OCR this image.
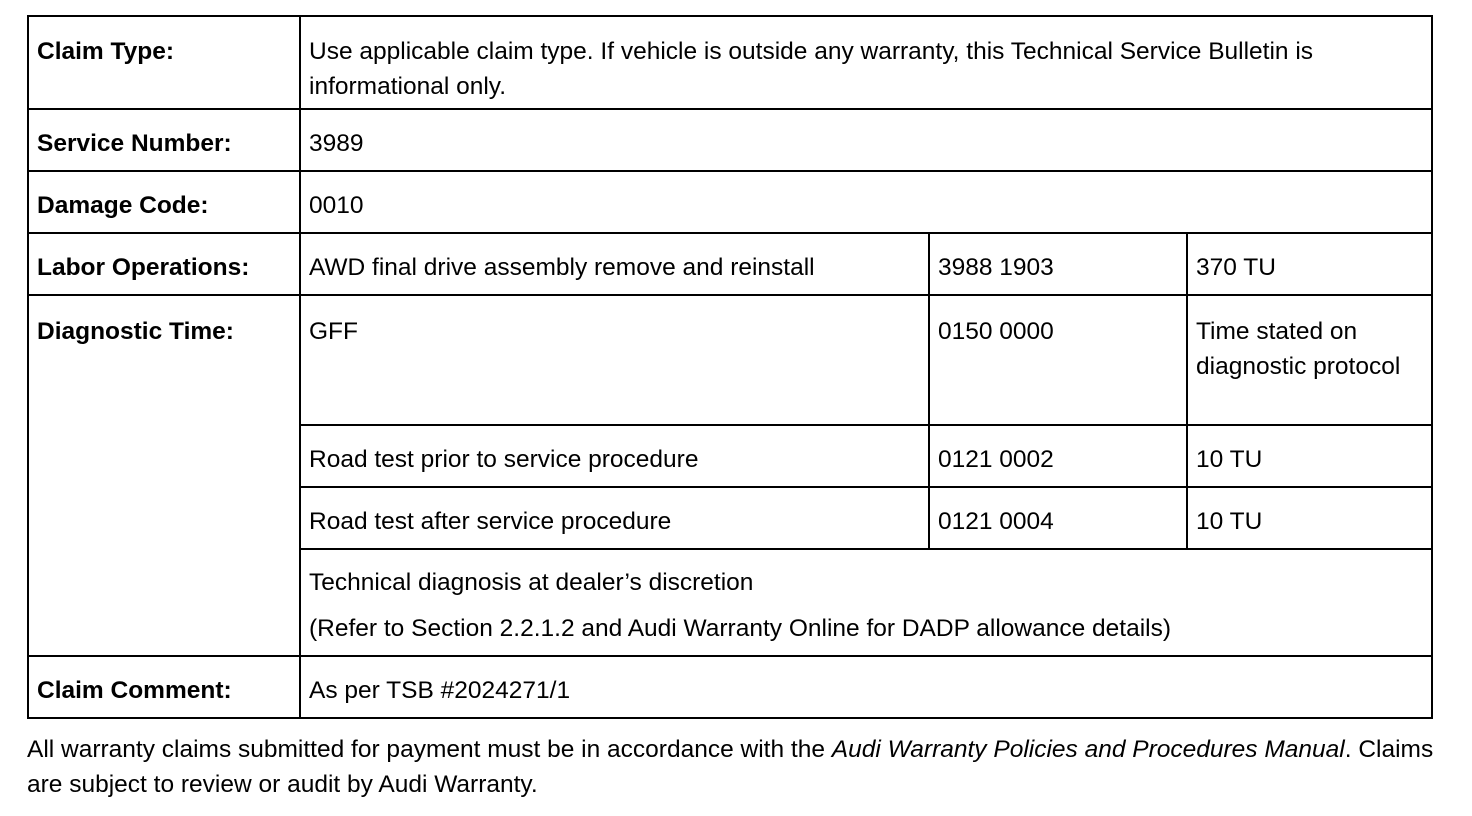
Claim Type:	Use applicable claim type. If vehicle is outside any warranty, this Technical Service Bulletin is informational only.		
Service Number:	3989		
Damage Code:	0010		
Labor Operations:	AWD final drive assembly remove and reinstall	3988 1903	370 TU
Diagnostic Time:	GFF	0150 0000	Time stated on diagnostic protocol
	Road test prior to service procedure	0121 0002	10 TU
	Road test after service procedure	0121 0004	10 TU

	Technical diagnosis at dealer’s discretion
(Refer to Section 2.2.1.2 and Audi Warranty Online for DADP allowance details)		

Claim Comment:	As per TSB #2024271/1		
All warranty claims submitted for payment must be in accordance with the Audi Warranty Policies and Procedures Manual. Claims are subject to review or audit by Audi Warranty.
